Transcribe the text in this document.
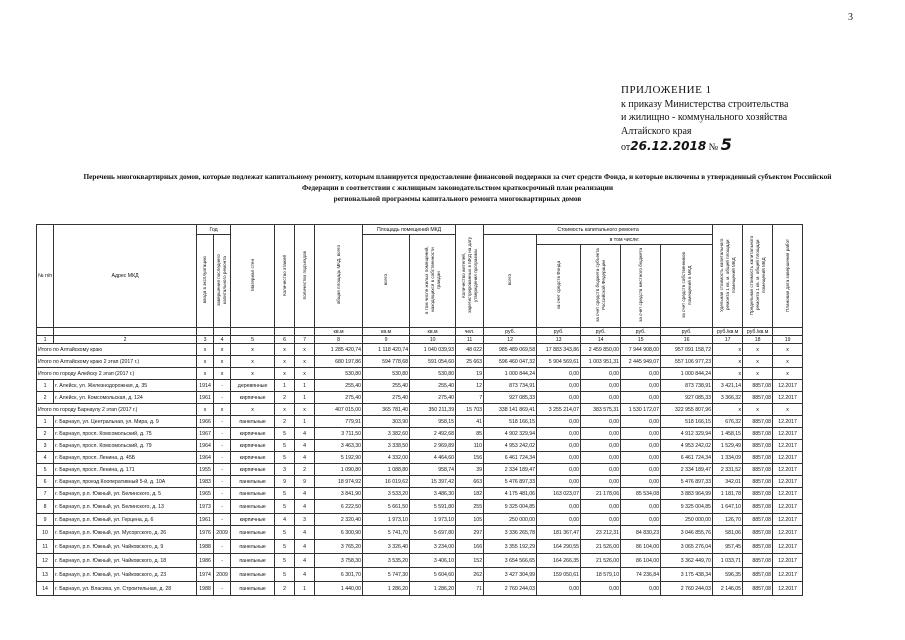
3
ПРИЛОЖЕНИЕ 1
к приказу Министерства строительства
и жилищно - коммунального хозяйства
Алтайского края
от26.12.2018 № 5
Перечень многоквартирных домов, которые подлежат капитальному ремонту, которым планируется предоставление финансовой поддержки за счет средств Фонда, и которые включены в утвержденный субъектом Российской
Федерации в соответствии с жилищным законодательством краткосрочный план реализации
региональной программы капитального ремонта многоквартирных домов
№ п/п	Адрес МКД	Год		Материал стен	Количество этажей	Количество подъездов	общая площадь МКД, всего	Площадь помещений МКД		Количество жителей, зарегистрированных в МКД на дату утверждения программы	Стоимость капитального ремонта					Удельная стоимость капитального ремонта 1 кв. м. общей площади помещений МКД	Предельная стоимость капитального ремонта 1 кв. м. общей площади помещений МКД	Плановая дата завершения работ
		ввода в эксплуатацию	завершения последнего капитального ремонта					всего	в том числе жилых помещений, находящихся в собственности граждан		всего	в том числе:						
												за счет средств Фонда	за счет средств бюджета субъекта Российской Федерации	за счет средств местного бюджета	за счет средств собственников помещений в МКД			
							кв.м	кв.м	кв.м	чел.	руб.	руб.	руб.	руб.	руб.	руб./кв.м	руб./кв.м	
1	2	3	4	5	6	7	8	9	10	11	12	13	14	15	16	17	18	19
Итого по Алтайскому краю		х	х	х	х	х	1 285 420,74	1 118 420,74	1 040 039,93	48 022	985 489 069,58	17 883 343,86	2 459 850,00	7 944 908,00	957 091 158,72	х	х	х
Итого по Алтайскому краю 2 этап (2017 г.)		х	х	х	х	х	680 197,86	594 778,68	591 054,60	25 663	596 460 047,32	5 904 569,61	1 003 951,31	2 445 949,07	557 106 977,23	х	х	х
Итого по городу Алейску 2 этап (2017 г.)		х	х	х	х	х	530,80	530,80	530,80	19	1 000 844,24	0,00	0,00	0,00	1 000 844,24	х	х	х
1	г. Алейск, ул. Железнодорожная, д. 35	1914	-	деревянные	1	1	255,40	255,40	255,40	12	873 734,91	0,00	0,00	0,00	873 738,91	3 421,14	8857,08	12.2017
2	г. Алейск, ул. Комсомольская, д. 124	1961	-	кирпичные	2	1	275,40	275,40	275,40	7	927 085,33	0,00	0,00	0,00	927 085,33	3 366,32	8857,08	12.2017
Итого по городу Барнаулу 2 этап (2017 г.)		х	х	х	х	х	407 015,00	365 781,40	350 211,39	15 703	338 141 869,41	3 255 214,07	383 575,31	1 530 172,07	322 955 807,96	х	х	х
1	г. Барнаул, ул. Центральная, ул. Мира, д. 9	1966	-	панельные	2	1	779,91	303,90	958,15	41	518 166,15	0,00	0,00	0,00	518 166,15	676,32	8857,08	12.2017
2	г. Барнаул, просп. Комсомольский, д. 75	1967	-	кирпичные	5	4	3 711,50	3 382,60	2 492,68	85	4 902 329,94	0,00	0,00	0,00	4 912 329,94	1 458,15	8857,08	12.2017
3	г. Барнаул, просп. Комсомольский, д. 79	1964	-	кирпичные	5	4	3 463,30	3 338,50	2 969,89	110	4 953 242,02	0,00	0,00	0,00	4 953 242,02	1 529,49	8857,08	12.2017
4	г. Барнаул, просп. Ленина, д. 45Б	1964	-	кирпичные	5	4	5 192,90	4 332,00	4 464,60	156	6 461 724,34	0,00	0,00	0,00	6 461 724,34	1 334,09	8857,08	12.2017
5	г. Барнаул, просп. Ленина, д. 171	1955	-	кирпичные	3	2	1 090,80	1 088,80	958,74	39	2 334 189,47	0,00	0,00	0,00	2 334 189,47	2 331,52	8857,08	12.2017
6	г. Барнаул, проезд Кооперативный 5-й, д. 10А	1983	-	панельные	9	9	18 974,92	16 019,62	15 397,42	663	5 476 897,33	0,00	0,00	0,00	5 476 897,33	342,01	8857,08	12.2017
7	г. Барнаул, р.п. Южный, ул. Белинского, д. 5	1965	-	панельные	5	4	3 841,90	3 533,20	3 486,30	182	4 175 481,06	163 023,07	21 178,06	85 534,08	3 883 964,99	1 181,78	8857,08	12.2017
8	г. Барнаул, р.п. Южный, ул. Белинского, д. 13	1973	-	панельные	5	4	6 222,50	5 661,50	5 591,80	255	9 325 004,85	0,00	0,00	0,00	9 325 004,85	1 647,10	8857,08	12.2017
9	г. Барнаул, р.п. Южный, ул. Герцена, д. 6	1961	-	кирпичные	4	3	2 320,40	1 973,10	1 973,10	105	250 000,00	0,00	0,00	0,00	250 000,00	126,70	8857,08	12.2017
10	г. Барнаул, р.п. Южный, ул. Мусоргского, д. 26	1976	2009	панельные	5	4	6 300,90	5 741,70	5 697,80	297	3 336 265,78	181 367,47	23 212,31	84 830,23	3 046 855,76	581,06	8857,08	12.2017
11	г. Барнаул, р.п. Южный, ул. Чайковского, д. 9	1988	-	панельные	5	4	3 765,20	3 326,40	3 234,00	166	3 355 192,29	164 290,55	21 526,00	86 104,00	3 065 276,04	957,45	8857,08	12.2017
12	г. Барнаул, р.п. Южный, ул. Чайковского, д. 18	1986	-	панельные	5	4	3 758,30	3 535,20	3 406,10	152	3 654 566,65	164 266,35	21 526,00	86 104,00	3 362 449,70	1 033,71	8857,08	12.2017
13	г. Барнаул, р.п. Южный, ул. Чайковского, д. 23	1974	2009	панельные	5	4	6 301,70	5 747,30	5 604,60	262	3 427 304,99	159 050,61	18 579,10	74 236,84	3 175 438,34	596,35	8857,08	12.2017
14	г. Барнаул, ул. Власиха, ул. Строительная, д. 28	1988	-	панельные	2	1	1 440,00	1 286,20	1 286,20	71	2 760 244,03	0,00	0,00	0,00	2 760 244,03	2 146,05	8857,08	12.2017
